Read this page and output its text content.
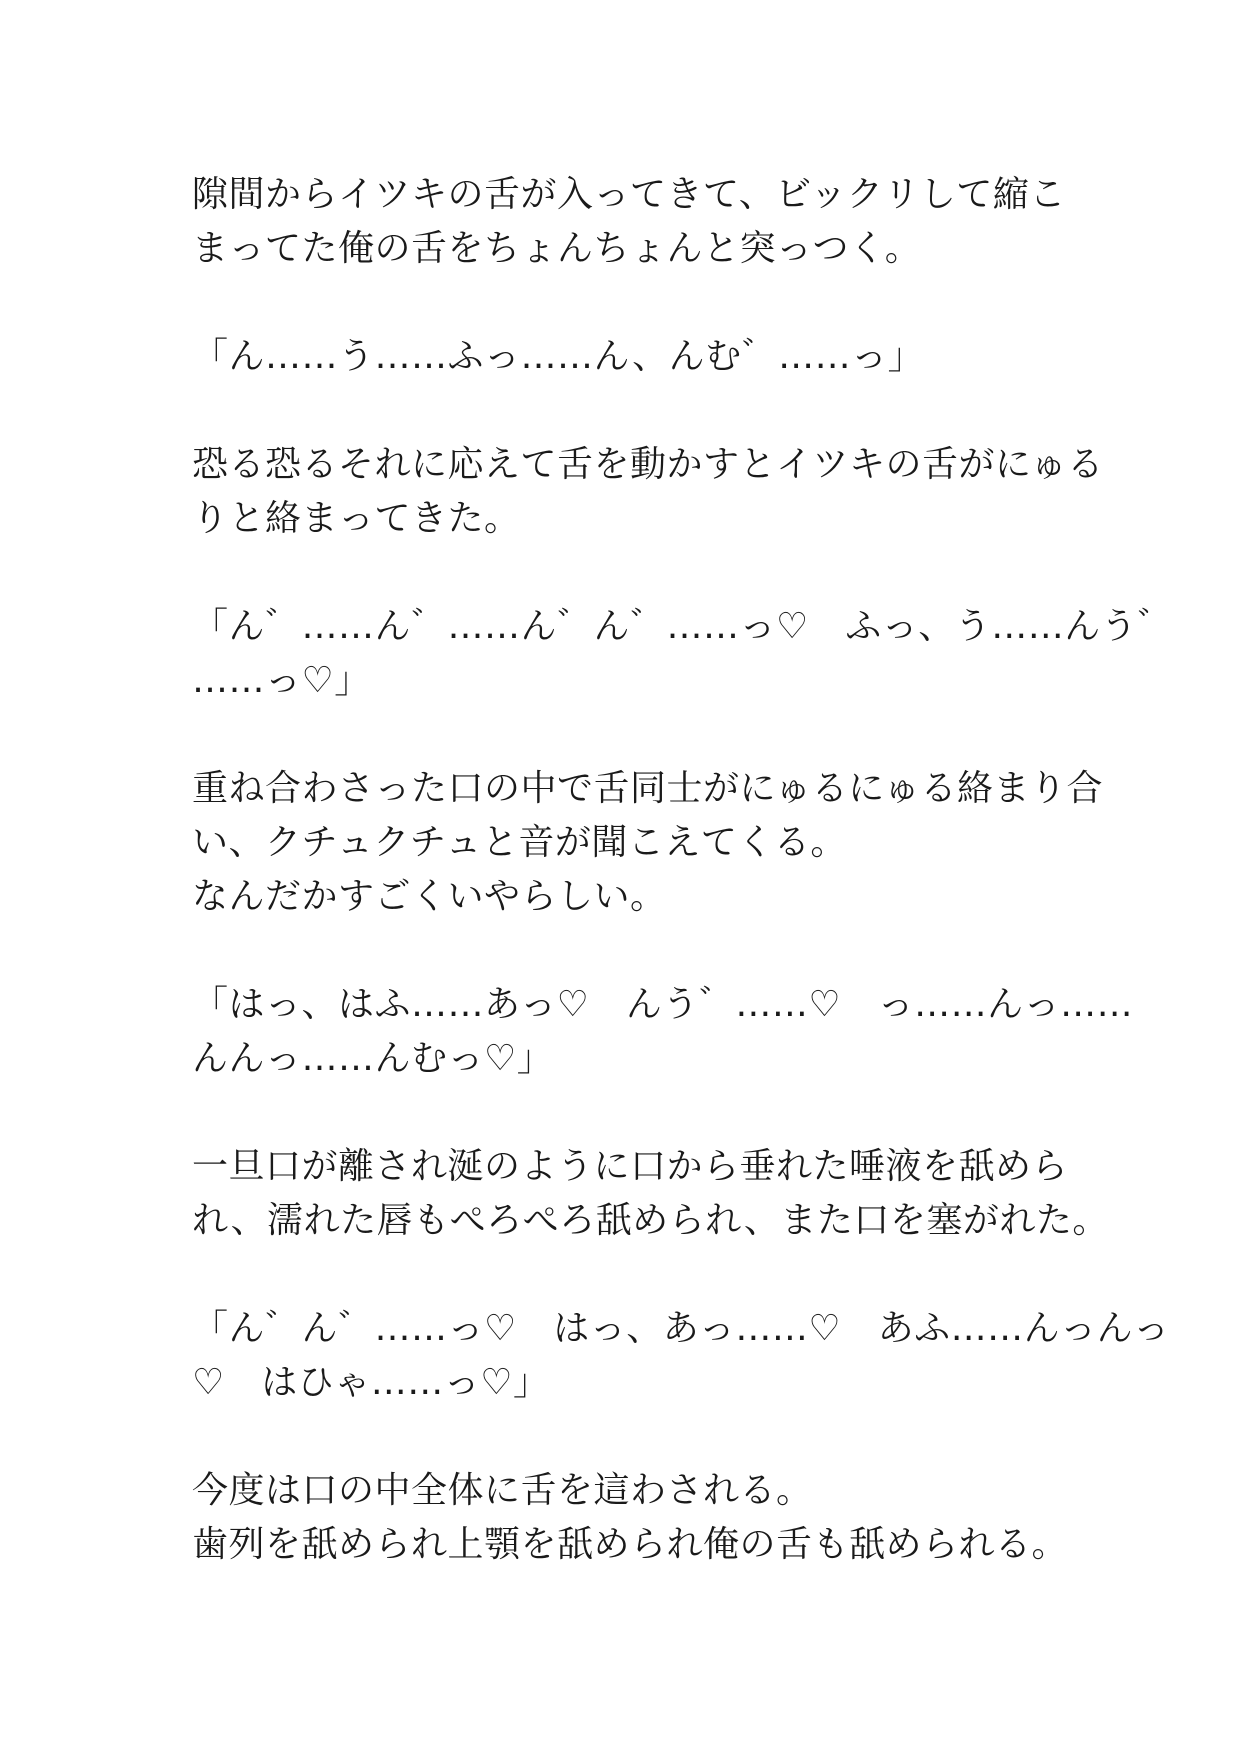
隙間からイツキの舌が入ってきて、ビックリして縮こ
まってた俺の舌をちょんちょんと突っつく。
「ん……う……ふっ……ん、んむ゛……っ」
恐る恐るそれに応えて舌を動かすとイツキの舌がにゅる
りと絡まってきた。
「ん゛……ん゛……ん゛ん゛……っ♡　ふっ、う……んう゛
……っ♡」
重ね合わさった口の中で舌同士がにゅるにゅる絡まり合
い、クチュクチュと音が聞こえてくる。
なんだかすごくいやらしい。
「はっ、はふ……あっ♡　んう゛……♡　っ……んっ……
んんっ……んむっ♡」
一旦口が離され涎のように口から垂れた唾液を舐めら
れ、濡れた唇もぺろぺろ舐められ、また口を塞がれた。
「ん゛ん゛……っ♡　はっ、あっ……♡　あふ……んっんっ
♡　はひゃ……っ♡」
今度は口の中全体に舌を這わされる。
歯列を舐められ上顎を舐められ俺の舌も舐められる。
